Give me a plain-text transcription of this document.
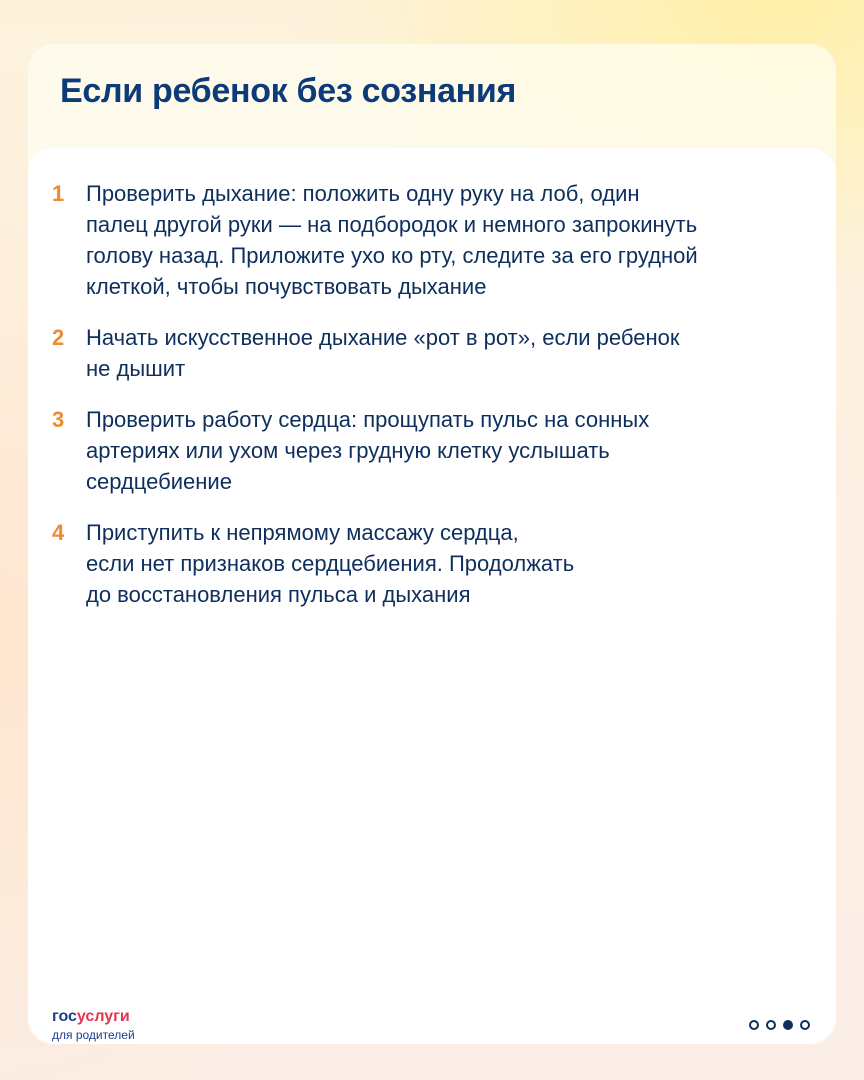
Если ребенок без сознания
1 Проверить дыхание: положить одну руку на лоб, один
палец другой руки — на подбородок и немного запрокинуть
голову назад. Приложите ухо ко рту, следите за его грудной
клеткой, чтобы почувствовать дыхание

2 Начать искусственное дыхание «рот в рот», если ребенок
не дышит

3 Проверить работу сердца: прощупать пульс на сонных
артериях или ухом через грудную клетку услышать
сердцебиение

4 Приступить к непрямому массажу сердца,
если нет признаков сердцебиения. Продолжать
до восстановления пульса и дыхания

госуслуги
для родителей
